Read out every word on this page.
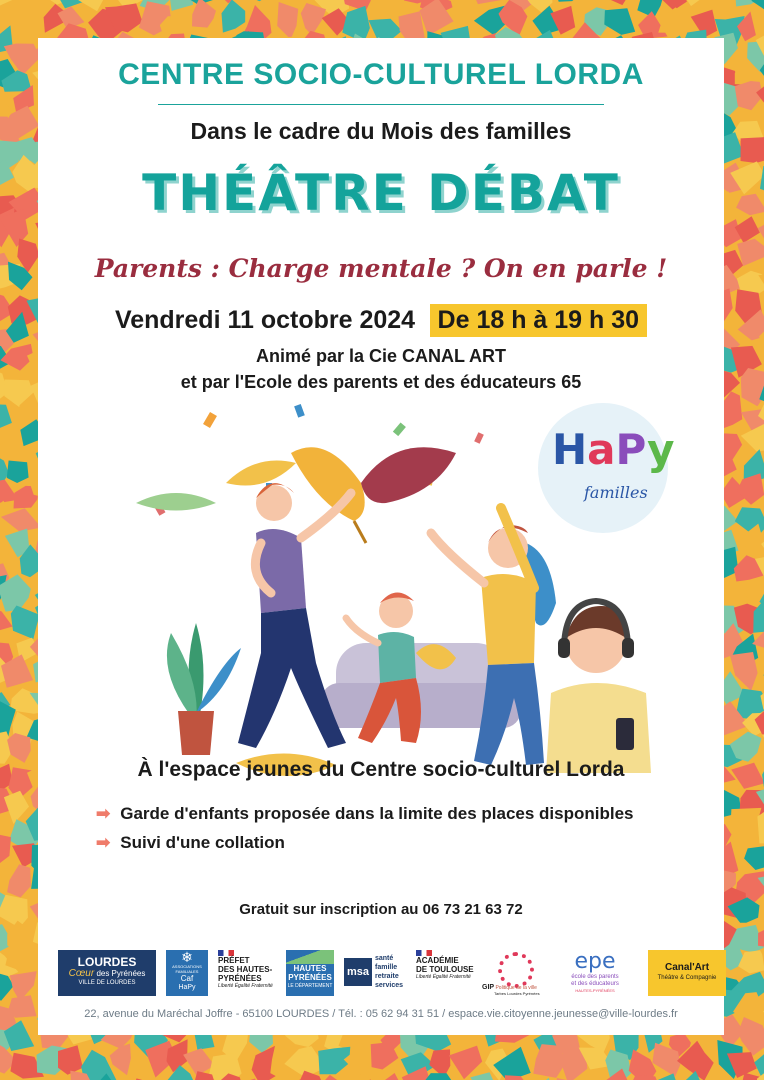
CENTRE SOCIO-CULTUREL LORDA
Dans le cadre du Mois des familles
THÉÂTRE DÉBAT
Parents : Charge mentale ? On en parle !
Vendredi 11 octobre 2024 De 18 h à 19 h 30
Animé par la Cie CANAL ART
et par l'Ecole des parents et des éducateurs 65
HaPy
familles
À l'espace jeunes du Centre socio-culturel Lorda
➡ Garde d'enfants proposée dans la limite des places disponibles
➡ Suivi d'une collation
Gratuit sur inscription au 06 73 21 63 72
LOURDES
Cœur des Pyrénées
VILLE DE LOURDES
❄
ASSOCIATIONS FAMILIALES
Caf
HaPy
PRÉFET
DES HAUTES-
PYRÉNÉES
Liberté Égalité Fraternité
HAUTES
PYRÉNÉES
LE DÉPARTEMENT
msa
santé
famille
retraite
services
ACADÉMIE
DE TOULOUSE
Liberté Égalité Fraternité
GIP Politique de la ville
Tarbes Lourdes Pyrénées
epe
école des parents
et des éducateurs
HAUTES-PYRÉNÉES
Canal'Art
Théâtre & Compagnie
22, avenue du Maréchal Joffre - 65100 LOURDES / Tél. : 05 62 94 31 51 / espace.vie.citoyenne.jeunesse@ville-lourdes.fr
